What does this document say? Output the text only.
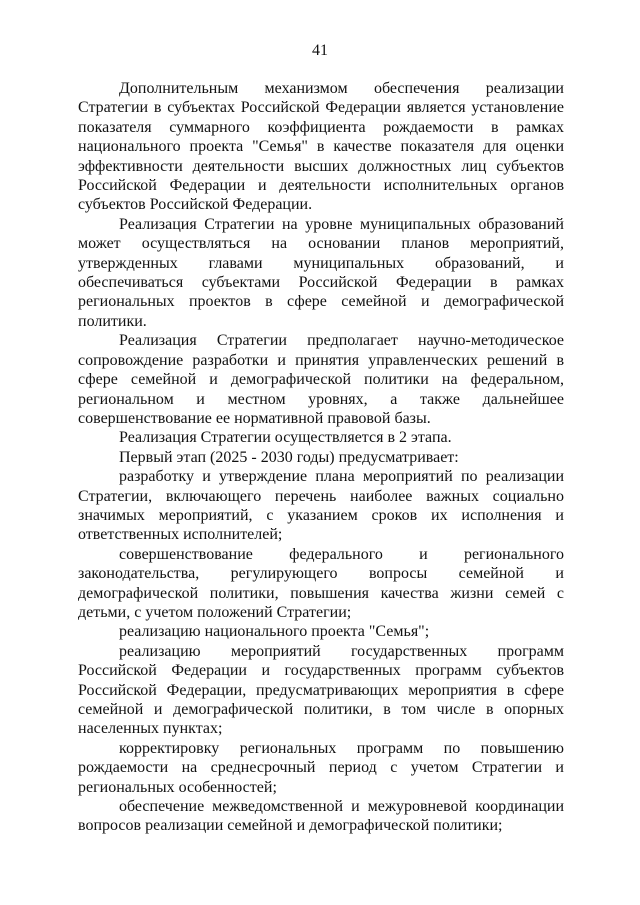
41

Дополнительным механизмом обеспечения реализации Стратегии в субъектах Российской Федерации является установление показателя суммарного коэффициента рождаемости в рамках национального проекта "Семья" в качестве показателя для оценки эффективности деятельности высших должностных лиц субъектов Российской Федерации и деятельности исполнительных органов субъектов Российской Федерации.

Реализация Стратегии на уровне муниципальных образований может осуществляться на основании планов мероприятий, утвержденных главами муниципальных образований, и обеспечиваться субъектами Российской Федерации в рамках региональных проектов в сфере семейной и демографической политики.

Реализация Стратегии предполагает научно-методическое сопровождение разработки и принятия управленческих решений в сфере семейной и демографической политики на федеральном, региональном и местном уровнях, а также дальнейшее совершенствование ее нормативной правовой базы.

Реализация Стратегии осуществляется в 2 этапа.

Первый этап (2025 - 2030 годы) предусматривает:

разработку и утверждение плана мероприятий по реализации Стратегии, включающего перечень наиболее важных социально значимых мероприятий, с указанием сроков их исполнения и ответственных исполнителей;

совершенствование федерального и регионального законодательства, регулирующего вопросы семейной и демографической политики, повышения качества жизни семей с детьми, с учетом положений Стратегии;

реализацию национального проекта "Семья";

реализацию мероприятий государственных программ Российской Федерации и государственных программ субъектов Российской Федерации, предусматривающих мероприятия в сфере семейной и демографической политики, в том числе в опорных населенных пунктах;

корректировку региональных программ по повышению рождаемости на среднесрочный период с учетом Стратегии и региональных особенностей;

обеспечение межведомственной и межуровневой координации вопросов реализации семейной и демографической политики;
